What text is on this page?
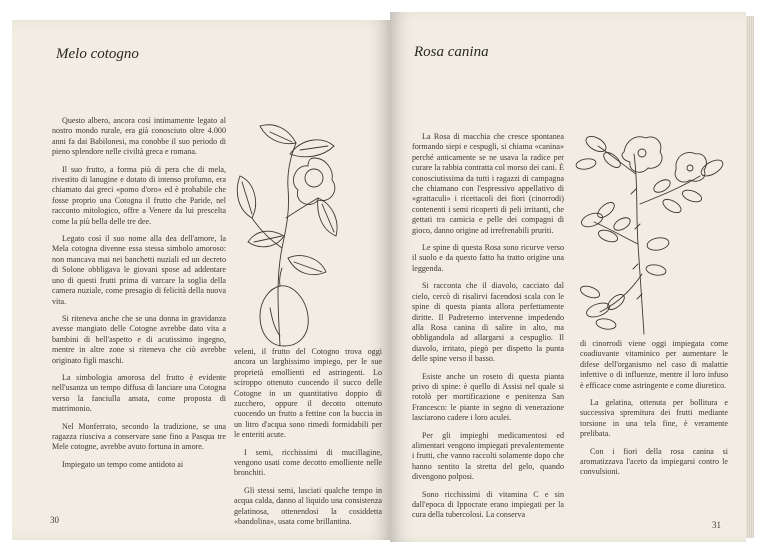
Melo cotogno

Questo albero, ancora così intimamente legato al nostro mondo rurale, era già conosciuto oltre 4.000 anni fa dai Babilonesi, ma conobbe il suo periodo di pieno splendore nelle civiltà greca e romana.

Il suo frutto, a forma più di pera che di mela, rivestito di lanugine e dotato di intenso profumo, era chiamato dai greci «pomo d'oro» ed è probabile che fosse proprio una Cotogna il frutto che Paride, nel racconto mitologico, offre a Venere da lui prescelta come la più bella delle tre dee.

Legato così il suo nome alla dea dell'amore, la Mela cotogna divenne essa stessa simbolo amoroso: non mancava mai nei banchetti nuziali ed un decreto di Solone obbligava le giovani spose ad addentare uno di questi frutti prima di varcare la soglia della camera nuziale, come presagio di felicità della nuova vita.

Si riteneva anche che se una donna in gravidanza avesse mangiato delle Cotogne avrebbe dato vita a bambini di bell'aspetto e di acutissimo ingegno, mentre in altre zone si riteneva che ciò avrebbe originato figli maschi.

La simbologia amorosa del frutto è evidente nell'usanza un tempo diffusa di lanciare una Cotogna verso la fanciulla amata, come proposta di matrimonio.

Nel Monferrato, secondo la tradizione, se una ragazza riusciva a conservare sane fino a Pasqua tre Mele cotogne, avrebbe avuto fortuna in amore.

Impiegato un tempo come antidoto ai

veleni, il frutto del Cotogno trova oggi ancora un larghissimo impiego, per le sue proprietà emollienti ed astringenti. Lo sciroppo ottenuto cuocendo il succo delle Cotogne in un quantitativo doppio di zucchero, oppure il decotto ottenuto cuocendo un frutto a fettine con la buccia in un litro d'acqua sono rimedi formidabili per le enteriti acute.

I semi, ricchissimi di mucillagine, vengono usati come decotto emolliente nelle bronchiti.

Gli stessi semi, lasciati qualche tempo in acqua calda, danno al liquido una consistenza gelatinosa, ottenendosi la cosiddetta «bandolina», usata come brillantina.

30
Rosa canina

La Rosa di macchia che cresce spontanea formando siepi e cespugli, si chiama «canina» perché anticamente se ne usava la radice per curare la rabbia contratta col morso dei cani. È conosciutissima da tutti i ragazzi di campagna che chiamano con l'espressivo appellativo di «grattaculi» i ricettacoli dei fiori (cinorrodi) contenenti i semi ricoperti di peli irritanti, che gettati tra camicia e pelle dei compagni di gioco, danno origine ad irrefrenabili pruriti.

Le spine di questa Rosa sono ricurve verso il suolo e da questo fatto ha tratto origine una leggenda.

Si racconta che il diavolo, cacciato dal cielo, cercò di risalirvi facendosi scala con le spine di questa pianta allora perfettamente diritte. Il Padreterno intervenne impedendo alla Rosa canina di salire in alto, ma obbligandola ad allargarsi a cespuglio. Il diavolo, irritato, piegò per dispetto la punta delle spine verso il basso.

Esiste anche un roseto di questa pianta privo di spine: è quello di Assisi nel quale si rotolò per mortificazione e penitenza San Francesco: le piante in segno di venerazione lasciarono cadere i loro aculei.

Per gli impieghi medicamentosi ed alimentari vengono impiegati prevalentemente i frutti, che vanno raccolti solamente dopo che hanno sentito la stretta del gelo, quando divengono polposi.

Sono ricchissimi di vitamina C e sin dall'epoca di Ippocrate erano impiegati per la cura della tubercolosi. La conserva

di cinorrodi viene oggi impiegata come coadiuvante vitaminico per aumentare le difese dell'organismo nel caso di malattie infettive o di influenze, mentre il loro infuso è efficace come astringente e come diuretico.

La gelatina, ottenuta per bollitura e successiva spremitura dei frutti mediante torsione in una tela fine, è veramente prelibata.

Con i fiori della rosa canina si aromatizzava l'aceto da impiegarsi contro le convulsioni.

31
